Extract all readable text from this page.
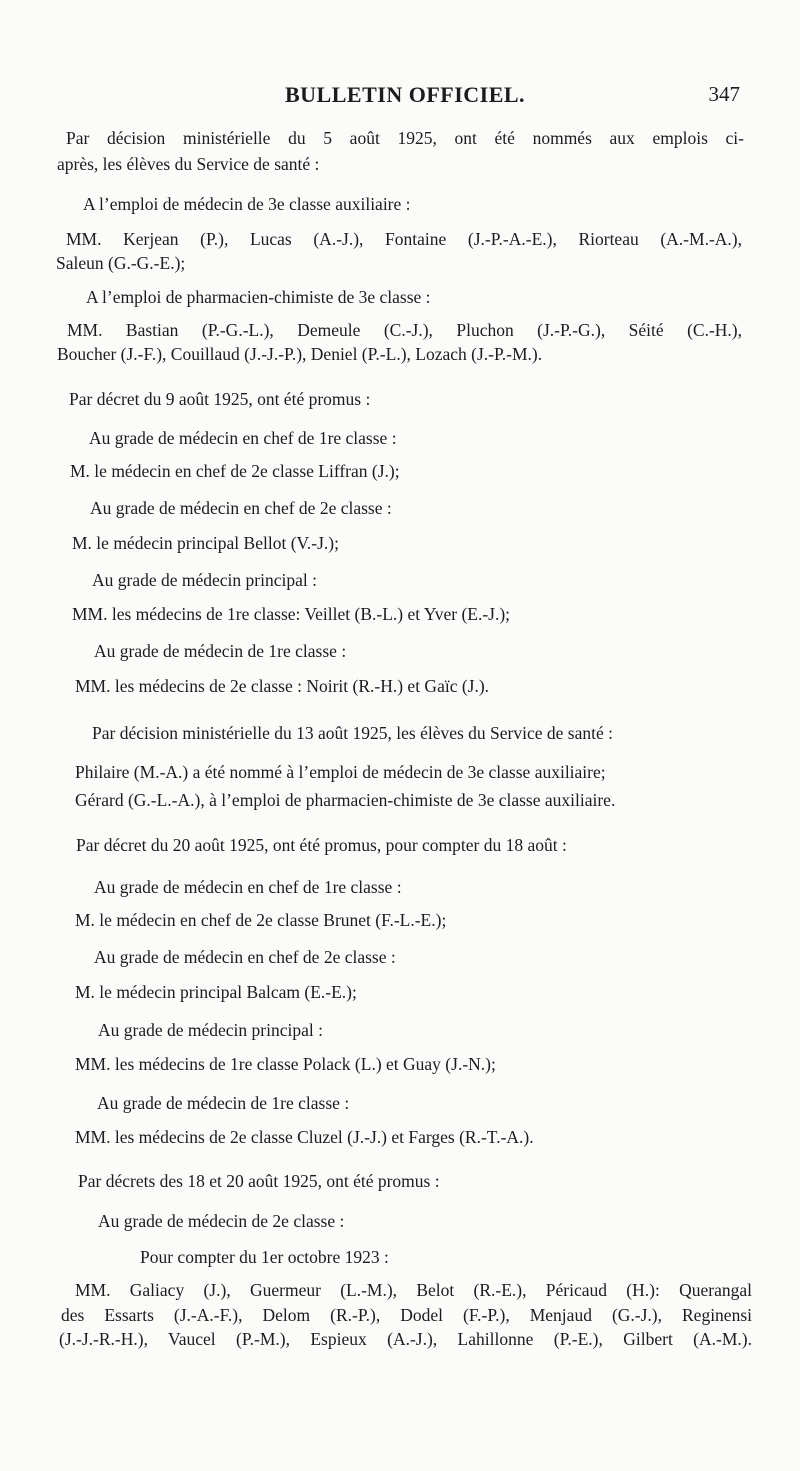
BULLETIN OFFICIEL.	347
Par décision ministérielle du 5 août 1925, ont été nommés aux emplois ci-
après, les élèves du Service de santé :
A l’emploi de médecin de 3e classe auxiliaire :
MM. Kerjean (P.), Lucas (A.-J.), Fontaine (J.-P.-A.-E.), Riorteau (A.-M.-A.),
Saleun (G.-G.-E.);
A l’emploi de pharmacien-chimiste de 3e classe :
MM. Bastian (P.-G.-L.), Demeule (C.-J.), Pluchon (J.-P.-G.), Séité (C.-H.),
Boucher (J.-F.), Couillaud (J.-J.-P.), Deniel (P.-L.), Lozach (J.-P.-M.).
Par décret du 9 août 1925, ont été promus :
Au grade de médecin en chef de 1re classe :
M. le médecin en chef de 2e classe Liffran (J.);
Au grade de médecin en chef de 2e classe :
M. le médecin principal Bellot (V.-J.);
Au grade de médecin principal :
MM. les médecins de 1re classe: Veillet (B.-L.) et Yver (E.-J.);
Au grade de médecin de 1re classe :
MM. les médecins de 2e classe : Noirit (R.-H.) et Gaïc (J.).
Par décision ministérielle du 13 août 1925, les élèves du Service de santé :
Philaire (M.-A.) a été nommé à l’emploi de médecin de 3e classe auxiliaire;
Gérard (G.-L.-A.), à l’emploi de pharmacien-chimiste de 3e classe auxiliaire.
Par décret du 20 août 1925, ont été promus, pour compter du 18 août :
Au grade de médecin en chef de 1re classe :
M. le médecin en chef de 2e classe Brunet (F.-L.-E.);
Au grade de médecin en chef de 2e classe :
M. le médecin principal Balcam (E.-E.);
Au grade de médecin principal :
MM. les médecins de 1re classe Polack (L.) et Guay (J.-N.);
Au grade de médecin de 1re classe :
MM. les médecins de 2e classe Cluzel (J.-J.) et Farges (R.-T.-A.).
Par décrets des 18 et 20 août 1925, ont été promus :
Au grade de médecin de 2e classe :
Pour compter du 1er octobre 1923 :
MM. Galiacy (J.), Guermeur (L.-M.), Belot (R.-E.), Péricaud (H.): Querangal
des Essarts (J.-A.-F.), Delom (R.-P.), Dodel (F.-P.), Menjaud (G.-J.), Reginensi
(J.-J.-R.-H.), Vaucel (P.-M.), Espieux (A.-J.), Lahillonne (P.-E.), Gilbert (A.-M.).
